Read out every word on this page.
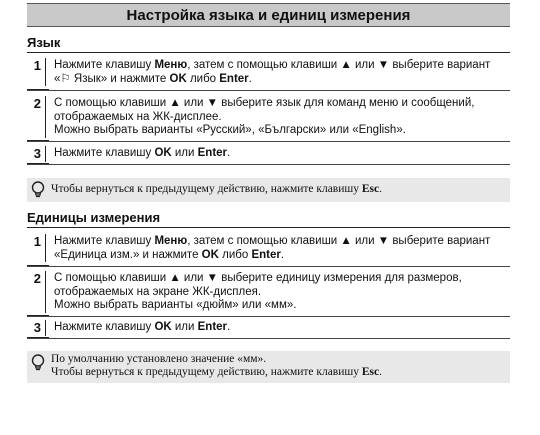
Настройка языка и единиц измерения
Язык
1	Нажмите клавишу Меню, затем с помощью клавиши ▲ или ▼ выберите вариант
«⚐ Язык» и нажмите OK либо Enter.
2	С помощью клавиши ▲ или ▼ выберите язык для команд меню и сообщений,
отображаемых на ЖК-дисплее.
Можно выбрать варианты «Русский», «Български» или «English».
3	Нажмите клавишу OK или Enter.
Чтобы вернуться к предыдущему действию, нажмите клавишу Esc.
Единицы измерения
1	Нажмите клавишу Меню, затем с помощью клавиши ▲ или ▼ выберите вариант
«Единица изм.» и нажмите OK либо Enter.
2	С помощью клавиши ▲ или ▼ выберите единицу измерения для размеров,
отображаемых на экране ЖК-дисплея.
Можно выбрать варианты «дюйм» или «мм».
3	Нажмите клавишу OK или Enter.
По умолчанию установлено значение «мм».
Чтобы вернуться к предыдущему действию, нажмите клавишу Esc.
